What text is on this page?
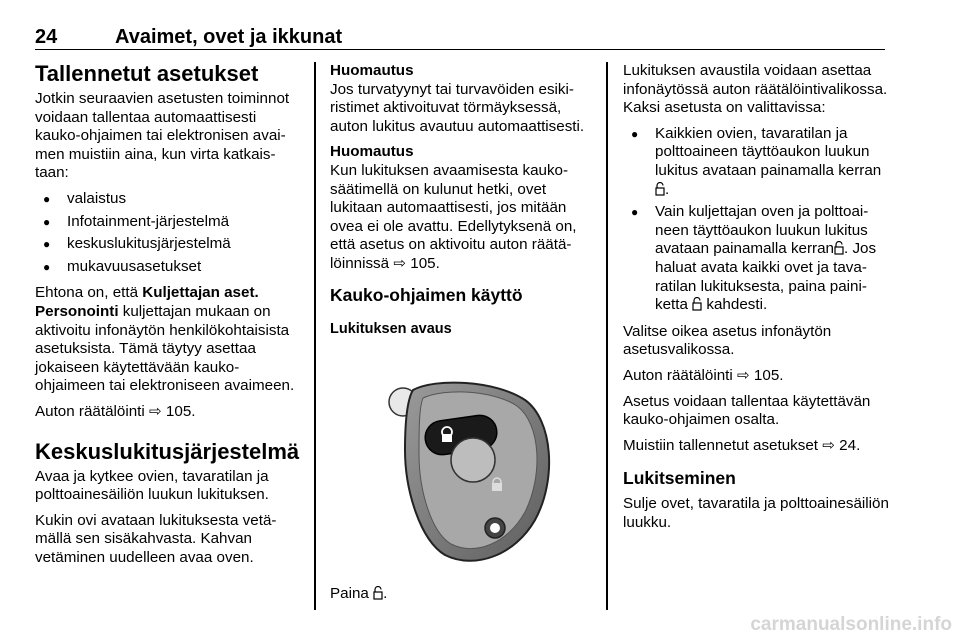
24	Avaimet, ovet ja ikkunat
Tallennetut asetukset
Jotkin seuraavien asetusten toiminnot voidaan tallentaa automaattisesti kauko-ohjaimen tai elektronisen avaimen muistiin aina, kun virta katkaistaan:
● valaistus
● Infotainment-järjestelmä
● keskuslukitusjärjestelmä
● mukavuusasetukset
Ehtona on, että Kuljettajan aset. Personointi kuljettajan mukaan on aktivoitu infonäytön henkilökohtaisista asetuksista. Tämä täytyy asettaa jokaiseen käytettävään kauko-ohjaimeen tai elektroniseen avaimeen.
Auton räätälöinti ⇨ 105.
Keskuslukitusjärjestelmä
Avaa ja kytkee ovien, tavaratilan ja polttoainesäiliön luukun lukituksen.
Kukin ovi avataan lukituksesta vetämällä sen sisäkahvasta. Kahvan vetäminen uudelleen avaa oven.
Huomautus
Jos turvatyynyt tai turvavöiden esikiristimet aktivoituvat törmäyksessä, auton lukitus avautuu automaattisesti.
Huomautus
Kun lukituksen avaamisesta kaukosäätimellä on kulunut hetki, ovet lukitaan automaattisesti, jos mitään ovea ei ole avattu. Edellytyksenä on, että asetus on aktivoitu auton räätälöinnissä ⇨ 105.
Kauko-ohjaimen käyttö
Lukituksen avaus
Paina .
Lukituksen avaustila voidaan asettaa infonäytössä auton räätälöintivalikossa. Kaksi asetusta on valittavissa:
● Kaikkien ovien, tavaratilan ja polttoaineen täyttöaukon luukun lukitus avataan painamalla kerran .
● Vain kuljettajan oven ja polttoaineen täyttöaukon luukun lukitus avataan painamalla kerran . Jos haluat avata kaikki ovet ja tavaratilan lukituksesta, paina painiketta  kahdesti.
Valitse oikea asetus infonäytön asetusvalikossa.
Auton räätälöinti ⇨ 105.
Asetus voidaan tallentaa käytettävän kauko-ohjaimen osalta.
Muistiin tallennetut asetukset ⇨ 24.
Lukitseminen
Sulje ovet, tavaratila ja polttoainesäiliön luukku.
carmanualsonline.info
